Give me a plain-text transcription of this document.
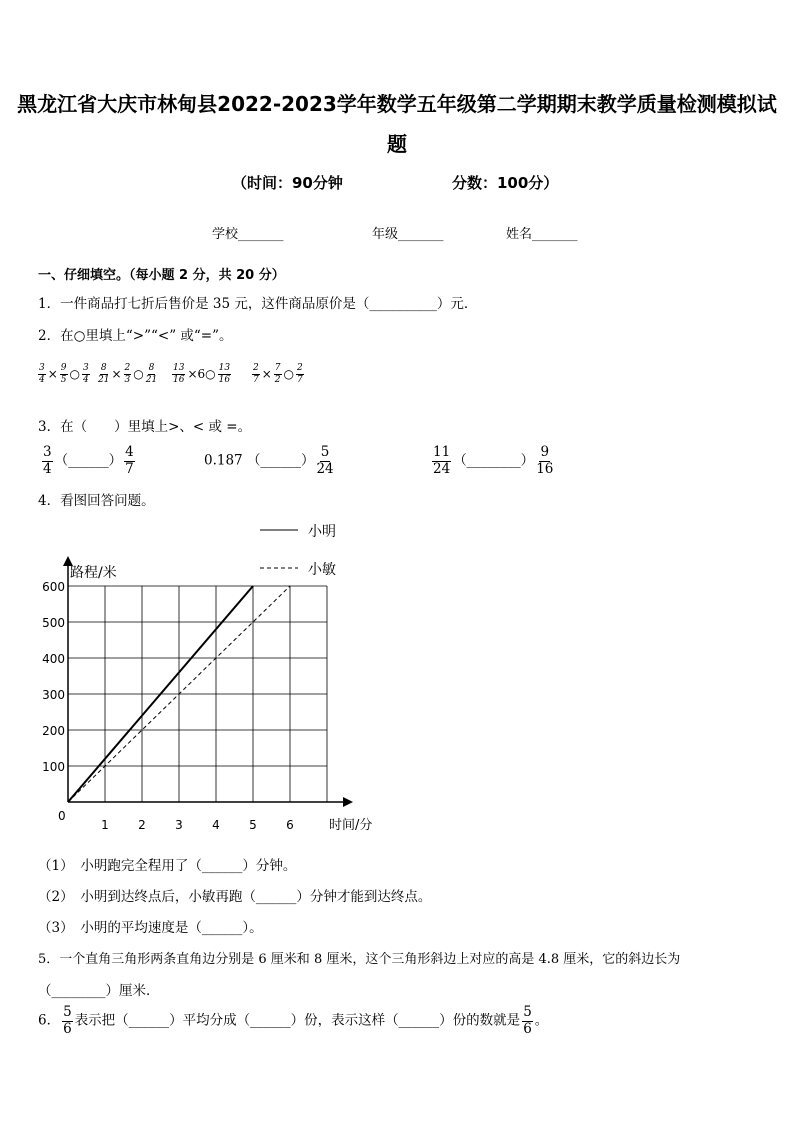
黑龙江省大庆市林甸县2022-2023学年数学五年级第二学期期末教学质量检测模拟试
题
（时间：90分钟	分数：100分）
学校_______	年级_______	姓名_______
一、仔细填空。（每小题 2 分，共 20 分）
1．一件商品打七折后售价是 35 元，这件商品原价是（__________）元．
2．在○里填上“>”“<” 或“=”。
$\frac{3}{4} \times \frac{9}{5}$ ○ $\frac{3}{4} \frac{8}{21} \times \frac{2}{3}$ ○ $\frac{8}{21} \frac{13}{16}$ ×6○ $\frac{13}{16} \frac{2}{7} \times \frac{7}{2}$ ○ $\frac{2}{7}$
3．在（　　）里填上>、< 或 =。
$\frac{3}{4}$ （______） $\frac{4}{7}$	0.187 （______） $\frac{5}{24}$	$\frac{11}{24}$ （________） $\frac{9}{16}$
4．看图回答问题。
路程/米
时间/分
0
1 2 3 4 5 6
100
200
300
400
500
600
小明
小敏
（1）　小明跑完全程用了（______）分钟。
（2）　小明到达终点后，小敏再跑（______）分钟才能到达终点。
（3）　小明的平均速度是（______）。
5．一个直角三角形两条直角边分别是 6 厘米和 8 厘米，这个三角形斜边上对应的高是 4.8 厘米，它的斜边长为
（________）厘米．
6． $\frac{5}{6}$ 表示把（______）平均分成（______）份，表示这样（______）份的数就是 $\frac{5}{6}$ 。
